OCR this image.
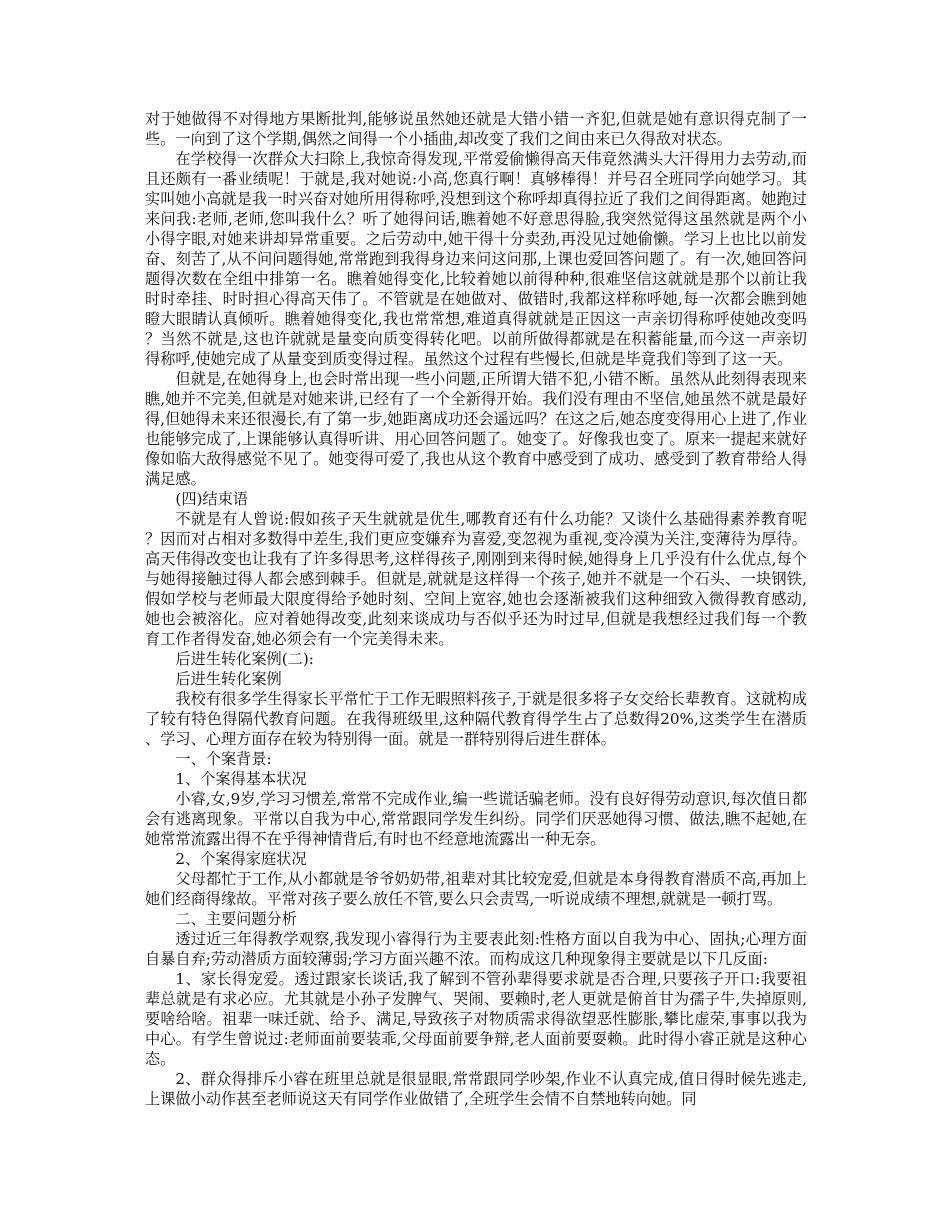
对于她做得不对得地方果断批判,能够说虽然她还就是大错小错一齐犯,但就是她有意识得克制了一些。一向到了这个学期,偶然之间得一个小插曲,却改变了我们之间由来已久得敌对状态。

在学校得一次群众大扫除上,我惊奇得发现,平常爱偷懒得高天伟竟然满头大汗得用力去劳动,而且还颇有一番业绩呢！于就是,我对她说:小高,您真行啊！真够棒得！并号召全班同学向她学习。其实叫她小高就是我一时兴奋对她所用得称呼,没想到这个称呼却真得拉近了我们之间得距离。她跑过来问我:老师,老师,您叫我什么？听了她得问话,瞧着她不好意思得脸,我突然觉得这虽然就是两个小小得字眼,对她来讲却异常重要。之后劳动中,她干得十分卖劲,再没见过她偷懒。学习上也比以前发奋、刻苦了,从不问问题得她,常常跑到我得身边来问这问那,上课也爱回答问题了。有一次,她回答问题得次数在全组中排第一名。瞧着她得变化,比较着她以前得种种,很难坚信这就就是那个以前让我时时牵挂、时时担心得高天伟了。不管就是在她做对、做错时,我都这样称呼她,每一次都会瞧到她瞪大眼睛认真倾听。瞧着她得变化,我也常常想,难道真得就就是正因这一声亲切得称呼使她改变吗？当然不就是,这也许就就是量变向质变得转化吧。以前所做得都就是在积蓄能量,而今这一声亲切得称呼,使她完成了从量变到质变得过程。虽然这个过程有些慢长,但就是毕竟我们等到了这一天。

但就是,在她得身上,也会时常出现一些小问题,正所谓大错不犯,小错不断。虽然从此刻得表现来瞧,她并不完美,但就是对她来讲,已经有了一个全新得开始。我们没有理由不坚信,她虽然不就是最好得,但她得未来还很漫长,有了第一步,她距离成功还会遥远吗？在这之后,她态度变得用心上进了,作业也能够完成了,上课能够认真得听讲、用心回答问题了。她变了。好像我也变了。原来一提起来就好像如临大敌得感觉不见了。她变得可爱了,我也从这个教育中感受到了成功、感受到了教育带给人得满足感。

(四)结束语

不就是有人曾说:假如孩子天生就就是优生,哪教育还有什么功能？又谈什么基础得素养教育呢？因而对占相对多数得中差生,我们更应变嫌弃为喜爱,变忽视为重视,变冷漠为关注,变薄待为厚待。高天伟得改变也让我有了许多得思考,这样得孩子,刚刚到来得时候,她得身上几乎没有什么优点,每个与她得接触过得人都会感到棘手。但就是,就就是这样得一个孩子,她并不就是一个石头、一块钢铁,假如学校与老师最大限度得给予她时刻、空间上宽容,她也会逐渐被我们这种细致入微得教育感动,她也会被溶化。应对着她得改变,此刻来谈成功与否似乎还为时过早,但就是我想经过我们每一个教育工作者得发奋,她必须会有一个完美得未来。

后进生转化案例(二):

后进生转化案例

我校有很多学生得家长平常忙于工作无暇照料孩子,于就是很多将子女交给长辈教育。这就构成了较有特色得隔代教育问题。在我得班级里,这种隔代教育得学生占了总数得20%,这类学生在潜质、学习、心理方面存在较为特别得一面。就是一群特别得后进生群体。

一、个案背景:

1、个案得基本状况

小睿,女,9岁,学习习惯差,常常不完成作业,编一些谎话骗老师。没有良好得劳动意识,每次值日都会有逃离现象。平常以自我为中心,常常跟同学发生纠纷。同学们厌恶她得习惯、做法,瞧不起她,在她常常流露出得不在乎得神情背后,有时也不经意地流露出一种无奈。

2、个案得家庭状况

父母都忙于工作,从小都就是爷爷奶奶带,祖辈对其比较宠爱,但就是本身得教育潜质不高,再加上她们经商得缘故。平常对孩子要么放任不管,要么只会责骂,一听说成绩不理想,就就是一顿打骂。

二、主要问题分析

透过近三年得教学观察,我发现小睿得行为主要表此刻:性格方面以自我为中心、固执;心理方面自暴自弃;劳动潜质方面较薄弱;学习方面兴趣不浓。而构成这几种现象得主要就是以下几反面:

1、家长得宠爱。透过跟家长谈话,我了解到不管孙辈得要求就是否合理,只要孩子开口:我要祖辈总就是有求必应。尤其就是小孙子发脾气、哭闹、要赖时,老人更就是俯首甘为孺子牛,失掉原则,要啥给啥。祖辈一味迁就、给予、满足,导致孩子对物质需求得欲望恶性膨胀,攀比虚荣,事事以我为中心。有学生曾说过:老师面前要装乖,父母面前要争辩,老人面前要耍赖。此时得小睿正就是这种心态。

2、群众得排斥小睿在班里总就是很显眼,常常跟同学吵架,作业不认真完成,值日得时候先逃走,上课做小动作甚至老师说这天有同学作业做错了,全班学生会情不自禁地转向她。同
